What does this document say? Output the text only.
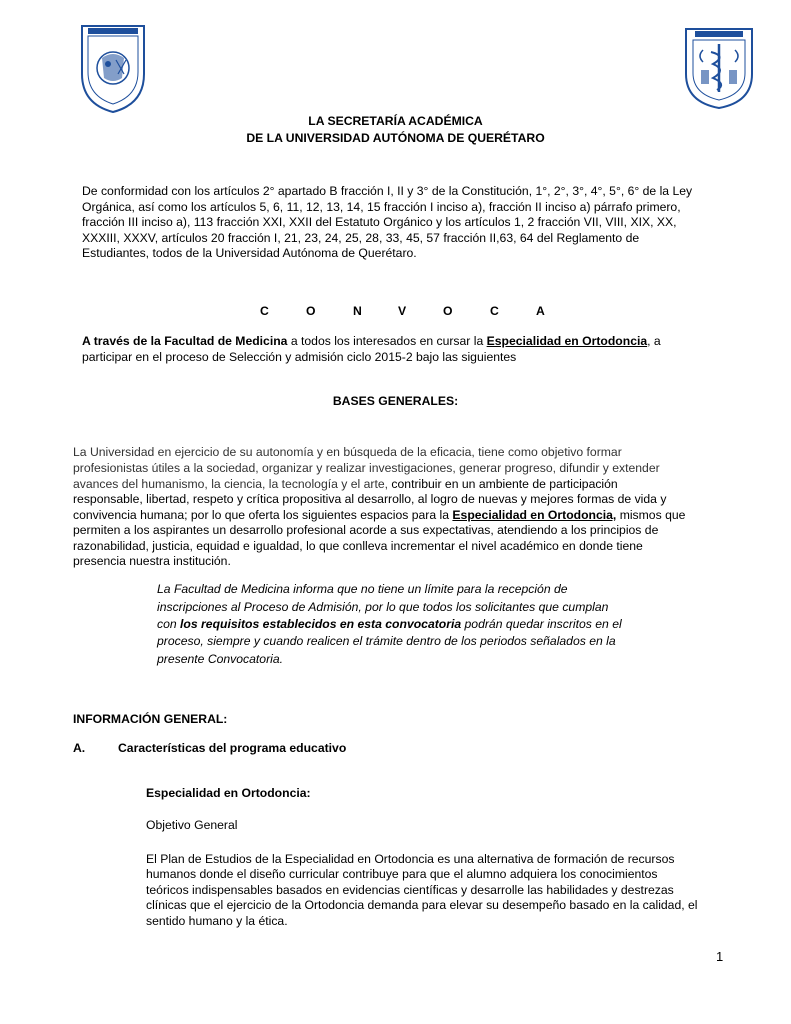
LA SECRETARÍA ACADÉMICA
DE LA UNIVERSIDAD AUTÓNOMA DE QUERÉTARO
De conformidad con los artículos 2° apartado B fracción I, II y 3° de la Constitución, 1°, 2°, 3°, 4°, 5°, 6° de la Ley
Orgánica, así como los artículos 5, 6, 11, 12, 13, 14, 15 fracción I inciso a), fracción II inciso a) párrafo primero,
fracción III inciso a), 113 fracción XXI, XXII del Estatuto Orgánico y los artículos 1, 2 fracción VII, VIII, XIX, XX,
XXXIII, XXXV, artículos 20 fracción I, 21, 23, 24, 25, 28, 33, 45, 57 fracción II,63, 64 del Reglamento de
Estudiantes, todos de la Universidad Autónoma de Querétaro.
C	O	N	V	O	C	A
A través de la Facultad de Medicina a todos los interesados en cursar la Especialidad en Ortodoncia, a
participar en el proceso de Selección y admisión ciclo 2015-2 bajo las siguientes
BASES GENERALES:
La Universidad en ejercicio de su autonomía y en búsqueda de la eficacia, tiene como objetivo formar
profesionistas útiles a la sociedad, organizar y realizar investigaciones, generar progreso, difundir y extender
avances del humanismo, la ciencia, la tecnología y el arte, contribuir en un ambiente de participación
responsable, libertad, respeto y crítica propositiva al desarrollo, al logro de nuevas y mejores formas de vida y
convivencia humana; por lo que oferta los siguientes espacios para la Especialidad en Ortodoncia, mismos que
permiten a los aspirantes un desarrollo profesional acorde a sus expectativas, atendiendo a los principios de
razonabilidad, justicia, equidad e igualdad, lo que conlleva incrementar el nivel académico en donde tiene
presencia nuestra institución.
La Facultad de Medicina informa que no tiene un límite para la recepción de
inscripciones al Proceso de Admisión, por lo que todos los solicitantes que cumplan
con los requisitos establecidos en esta convocatoria podrán quedar inscritos en el
proceso, siempre y cuando realicen el trámite dentro de los periodos señalados en la
presente Convocatoria.
INFORMACIÓN GENERAL:
A.	Características del programa educativo
Especialidad en Ortodoncia:
Objetivo General
El Plan de Estudios de la Especialidad en Ortodoncia es una alternativa de formación de recursos
humanos donde el diseño curricular contribuye para que el alumno adquiera los conocimientos
teóricos indispensables basados en evidencias científicas y desarrolle las habilidades y destrezas
clínicas que el ejercicio de la Ortodoncia demanda para elevar su desempeño basado en la calidad, el
sentido humano y la ética.
1
